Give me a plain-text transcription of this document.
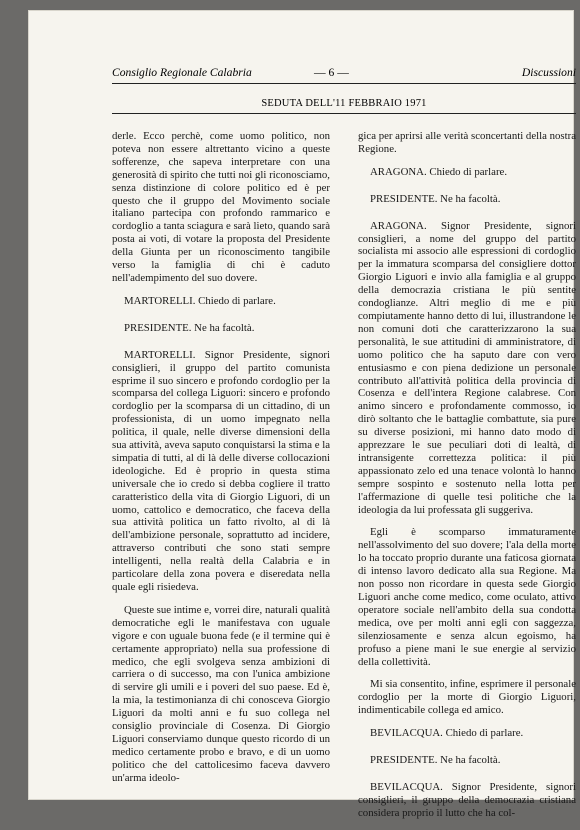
Consiglio Regionale Calabria	— 6 —	Discussioni
SEDUTA DELL'11 FEBBRAIO 1971

derle. Ecco perchè, come uomo politico, non poteva non essere altrettanto vicino a queste sofferenze, che sapeva interpretare con una generosità di spirito che tutti noi gli riconosciamo, senza distinzione di colore politico ed è per questo che il gruppo del Movimento sociale italiano partecipa con profondo rammarico e cordoglio a tanta sciagura e sarà lieto, quando sarà posta ai voti, di votare la proposta del Presidente della Giunta per un riconoscimento tangibile verso la famiglia di chi è caduto nell'adempimento del suo dovere.

MARTORELLI. Chiedo di parlare.

PRESIDENTE. Ne ha facoltà.

MARTORELLI. Signor Presidente, signori consiglieri, il gruppo del partito comunista esprime il suo sincero e profondo cordoglio per la scomparsa del collega Liguori: sincero e profondo cordoglio per la scomparsa di un cittadino, di un professionista, di un uomo impegnato nella politica, il quale, nelle diverse dimensioni della sua attività, aveva saputo conquistarsi la stima e la simpatia di tutti, al di là delle diverse collocazioni ideologiche. Ed è proprio in questa stima universale che io credo si debba cogliere il tratto caratteristico della vita di Giorgio Liguori, di un uomo, cattolico e democratico, che faceva della sua attività politica un fatto rivolto, al di là dell'ambizione personale, soprattutto ad incidere, attraverso contributi che sono stati sempre intelligenti, nella realtà della Calabria e in particolare della zona povera e diseredata nella quale egli risiedeva.

Queste sue intime e, vorrei dire, naturali qualità democratiche egli le manifestava con uguale vigore e con uguale buona fede (e il termine qui è certamente appropriato) nella sua professione di medico, che egli svolgeva senza ambizioni di carriera o di successo, ma con l'unica ambizione di servire gli umili e i poveri del suo paese. Ed è, la mia, la testimonianza di chi conosceva Giorgio Liguori da molti anni e fu suo collega nel consiglio provinciale di Cosenza. Di Giorgio Liguori conserviamo dunque questo ricordo di un medico certamente probo e bravo, e di un uomo politico che del cattolicesimo faceva davvero un'arma ideolo-

gica per aprirsi alle verità sconcertanti della nostra Regione.

ARAGONA. Chiedo di parlare.

PRESIDENTE. Ne ha facoltà.

ARAGONA. Signor Presidente, signori consiglieri, a nome del gruppo del partito socialista mi associo alle espressioni di cordoglio per la immatura scomparsa del consigliere dottor Giorgio Liguori e invio alla famiglia e al gruppo della democrazia cristiana le più sentite condoglianze. Altri meglio di me e più compiutamente hanno detto di lui, illustrandone le non comuni doti che caratterizzarono la sua personalità, le sue attitudini di amministratore, di uomo politico che ha saputo dare con vero entusiasmo e con piena dedizione un personale contributo all'attività politica della provincia di Cosenza e dell'intera Regione calabrese. Con animo sincero e profondamente commosso, io dirò soltanto che le battaglie combattute, sia pure su diverse posizioni, mi hanno dato modo di apprezzare le sue peculiari doti di lealtà, di intransigente correttezza politica: il più appassionato zelo ed una tenace volontà lo hanno sempre sospinto e sostenuto nella lotta per l'affermazione di quelle tesi politiche che la ideologia da lui professata gli suggeriva.

Egli è scomparso immaturamente nell'assolvimento del suo dovere; l'ala della morte lo ha toccato proprio durante una faticosa giornata di intenso lavoro dedicato alla sua Regione. Ma non posso non ricordare in questa sede Giorgio Liguori anche come medico, come oculato, attivo operatore sociale nell'ambito della sua condotta medica, ove per molti anni egli con saggezza, silenziosamente e senza alcun egoismo, ha profuso a piene mani le sue energie al servizio della collettività.

Mi sia consentito, infine, esprimere il personale cordoglio per la morte di Giorgio Liguori, indimenticabile collega ed amico.

BEVILACQUA. Chiedo di parlare.

PRESIDENTE. Ne ha facoltà.

BEVILACQUA. Signor Presidente, signori consiglieri, il gruppo della democrazia cristiana considera proprio il lutto che ha col-
